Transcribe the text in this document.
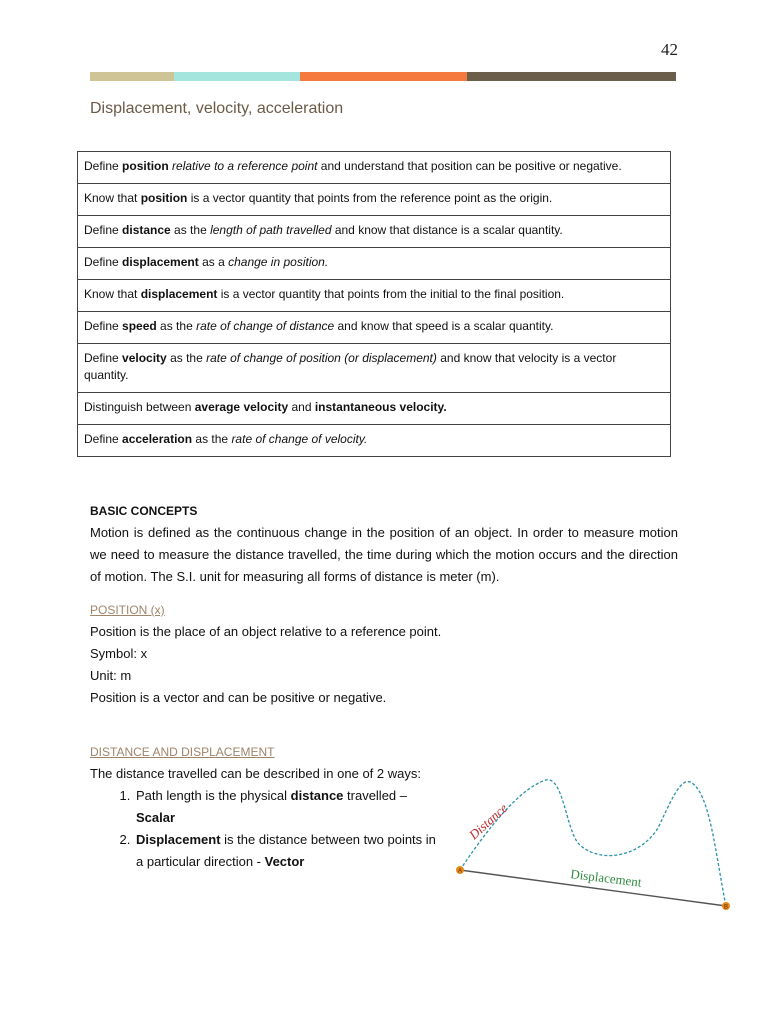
42
Displacement, velocity, acceleration
Define position relative to a reference point and understand that position can be positive or negative.
Know that position is a vector quantity that points from the reference point as the origin.
Define distance as the length of path travelled and know that distance is a scalar quantity.
Define displacement as a change in position.
Know that displacement is a vector quantity that points from the initial to the final position.
Define speed as the rate of change of distance and know that speed is a scalar quantity.
Define velocity as the rate of change of position (or displacement) and know that velocity is a vector quantity.
Distinguish between average velocity and instantaneous velocity.
Define acceleration as the rate of change of velocity.
BASIC CONCEPTS
Motion is defined as the continuous change in the position of an object. In order to measure motion we need to measure the distance travelled, the time during which the motion occurs and the direction of motion. The S.I. unit for measuring all forms of distance is meter (m).
POSITION (x)
Position is the place of an object relative to a reference point.
Symbol: x
Unit: m
Position is a vector and can be positive or negative.
DISTANCE AND DISPLACEMENT
The distance travelled can be described in one of 2 ways:
1. Path length is the physical distance travelled – Scalar
2. Displacement is the distance between two points in a particular direction - Vector
Distance
Displacement
A
B
